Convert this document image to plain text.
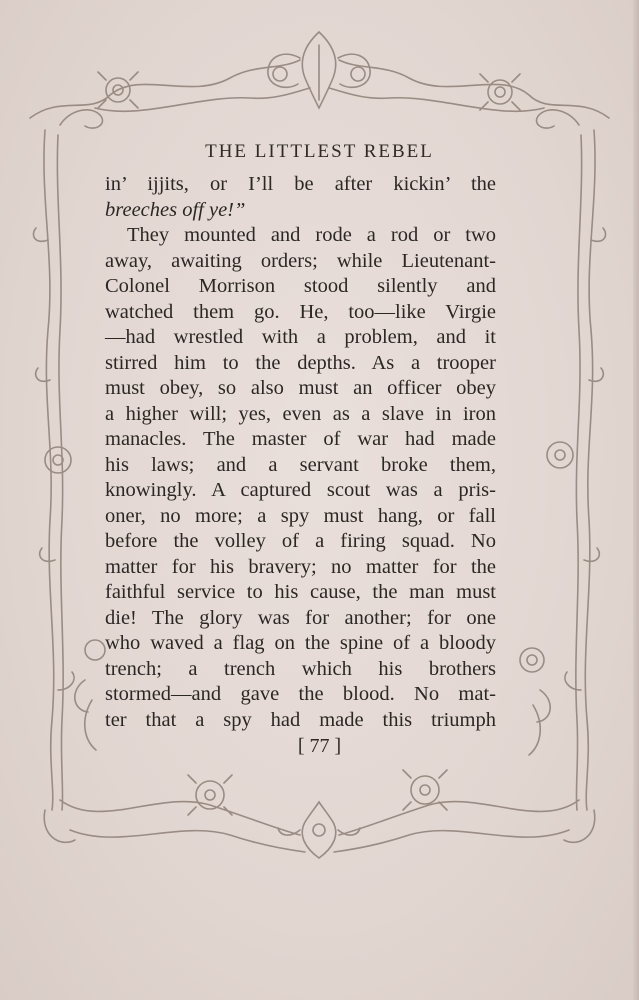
THE LITTLEST REBEL
in’ ijjits, or I’ll be after kickin’ the
breeches off ye!”
They mounted and rode a rod or two
away, awaiting orders; while Lieutenant-
Colonel Morrison stood silently and
watched them go. He, too—like Virgie
—had wrestled with a problem, and it
stirred him to the depths. As a trooper
must obey, so also must an officer obey
a higher will; yes, even as a slave in iron
manacles. The master of war had made
his laws; and a servant broke them,
knowingly. A captured scout was a pris-
oner, no more; a spy must hang, or fall
before the volley of a firing squad. No
matter for his bravery; no matter for the
faithful service to his cause, the man must
die! The glory was for another; for one
who waved a flag on the spine of a bloody
trench; a trench which his brothers
stormed—and gave the blood. No mat-
ter that a spy had made this triumph
[ 77 ]
